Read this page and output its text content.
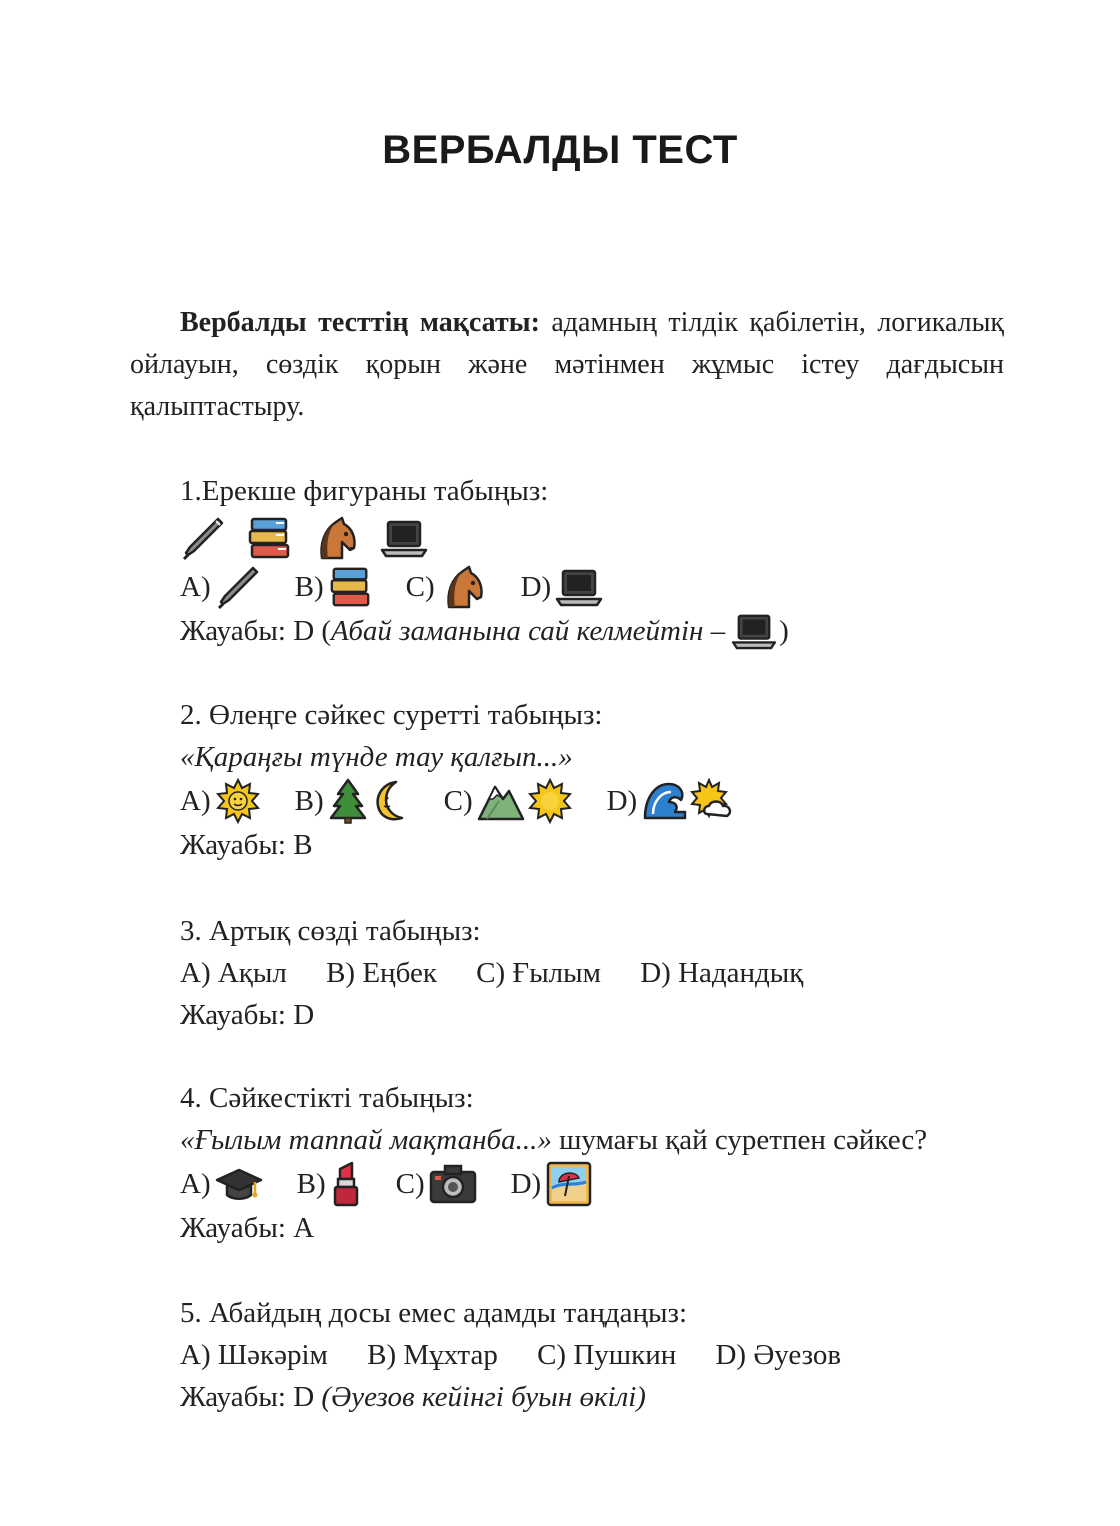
ВЕРБАЛДЫ ТЕСТ
Вербалды тесттің мақсаты: адамның тілдік қабілетін, логикалық ойлауын, сөздік қорын және мәтінмен жұмыс істеу дағдысын қалыптастыру.
1.Ерекше фигураны табыңыз:
A)	B)	C)	D)
Жауабы: D ( Абай заманына сай келмейтін – )
2. Өлеңге сәйкес суретті табыңыз:
«Қараңғы түнде тау қалғып...»
A)	B)	C)	D)
Жауабы: B
3. Артық сөзді табыңыз:
A) Ақыл B) Еңбек C) Ғылым D) Надандық
Жауабы: D
4. Сәйкестікті табыңыз:
«Ғылым таппай мақтанба...» шумағы қай суретпен сәйкес?
A)	B) C)	D)
Жауабы: A
5. Абайдың досы емес адамды таңдаңыз:
A) Шәкәрім B) Мұхтар C) Пушкин D) Әуезов
Жауабы: D (Әуезов кейінгі буын өкілі)
